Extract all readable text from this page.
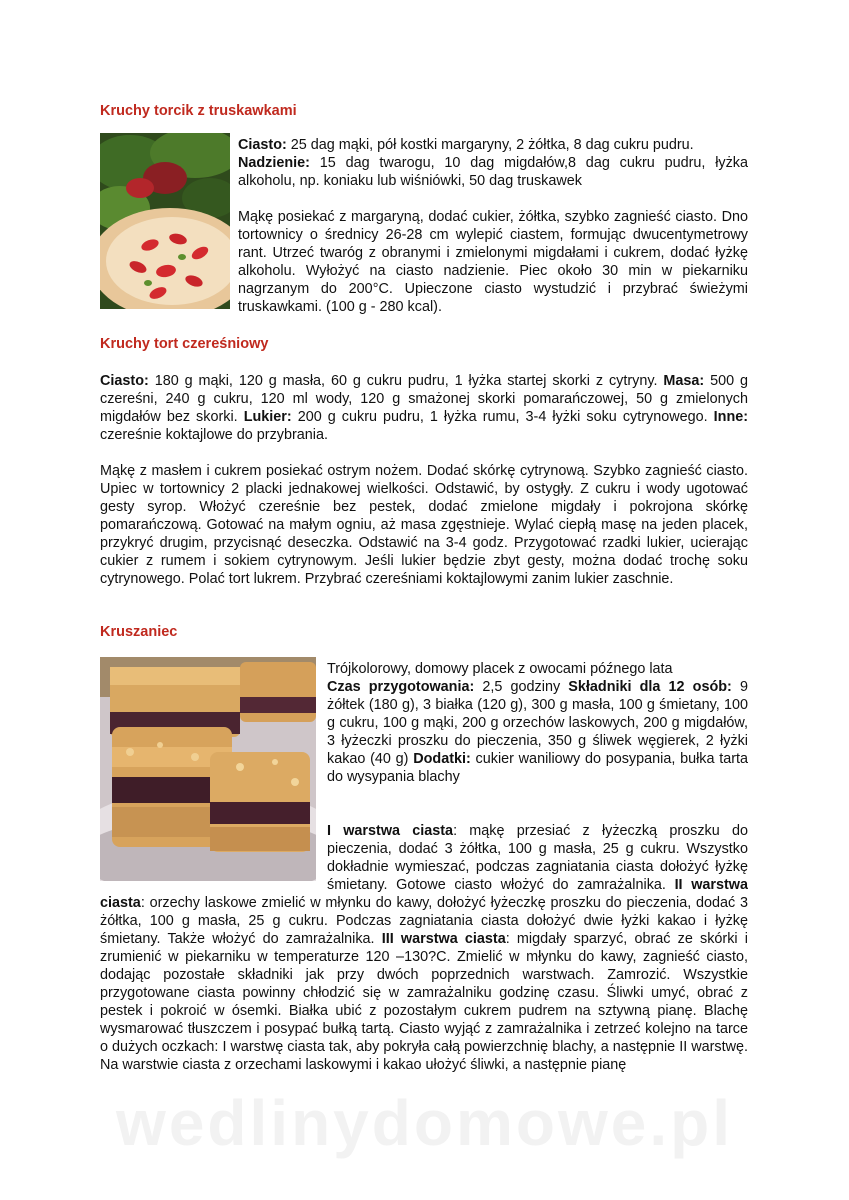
Kruchy torcik z truskawkami

Ciasto: 25 dag mąki, pół kostki margaryny, 2 żółtka, 8 dag cukru pudru.
Nadzienie: 15 dag twarogu, 10 dag migdałów,8 dag cukru pudru, łyżka alkoholu, np. koniaku lub wiśniówki, 50 dag truskawek

Mąkę posiekać z margaryną, dodać cukier, żółtka, szybko zagnieść ciasto. Dno tortownicy o średnicy 26-28 cm wylepić ciastem, formując dwucentymetrowy rant. Utrzeć twaróg z obranymi i zmielonymi migdałami i cukrem, dodać łyżkę alkoholu. Wyłożyć na ciasto nadzienie. Piec około 30 min w piekarniku nagrzanym do 200°C. Upieczone ciasto wystudzić i przybrać świeżymi truskawkami. (100 g - 280 kcal).

Kruchy tort czereśniowy

Ciasto: 180 g mąki, 120 g masła, 60 g cukru pudru, 1 łyżka startej skorki z cytryny. Masa: 500 g czereśni, 240 g cukru, 120 ml wody, 120 g smażonej skorki pomarańczowej, 50 g zmielonych migdałów bez skorki. Lukier: 200 g cukru pudru, 1 łyżka rumu, 3-4 łyżki soku cytrynowego. Inne: czereśnie koktajlowe do przybrania.

Mąkę z masłem i cukrem posiekać ostrym nożem. Dodać skórkę cytrynową. Szybko zagnieść ciasto. Upiec w tortownicy 2 placki jednakowej wielkości. Odstawić, by ostygły. Z cukru i wody ugotować gesty syrop. Włożyć czereśnie bez pestek, dodać zmielone migdały i pokrojona skórkę pomarańczową. Gotować na małym ogniu, aż masa zgęstnieje. Wylać ciepłą masę na jeden placek, przykryć drugim, przycisnąć deseczka. Odstawić na 3-4 godz. Przygotować rzadki lukier, ucierając cukier z rumem i sokiem cytrynowym. Jeśli lukier będzie zbyt gesty, można dodać trochę soku cytrynowego. Polać tort lukrem. Przybrać czereśniami koktajlowymi zanim lukier zaschnie.

Kruszaniec

Trójkolorowy, domowy placek z owocami późnego lata
Czas przygotowania: 2,5 godziny Składniki dla 12 osób: 9 żółtek (180 g), 3 białka (120 g), 300 g masła, 100 g śmietany, 100 g cukru, 100 g mąki, 200 g orzechów laskowych, 200 g migdałów, 3 łyżeczki proszku do pieczenia, 350 g śliwek węgierek, 2 łyżki kakao (40 g) Dodatki: cukier waniliowy do posypania, bułka tarta do wysypania blachy

I warstwa ciasta: mąkę przesiać z łyżeczką proszku do pieczenia, dodać 3 żółtka, 100 g masła, 25 g cukru. Wszystko dokładnie wymieszać, podczas zagniatania ciasta dołożyć łyżkę śmietany. Gotowe ciasto włożyć do zamrażalnika. II warstwa ciasta: orzechy laskowe zmielić w młynku do kawy, dołożyć łyżeczkę proszku do pieczenia, dodać 3 żółtka, 100 g masła, 25 g cukru. Podczas zagniatania ciasta dołożyć dwie łyżki kakao i łyżkę śmietany. Także włożyć do zamrażalnika. III warstwa ciasta: migdały sparzyć, obrać ze skórki i zrumienić w piekarniku w temperaturze 120 –130?C. Zmielić w młynku do kawy, zagnieść ciasto, dodając pozostałe składniki jak przy dwóch poprzednich warstwach. Zamrozić. Wszystkie przygotowane ciasta powinny chłodzić się w zamrażalniku godzinę czasu. Śliwki umyć, obrać z pestek i pokroić w ósemki. Białka ubić z pozostałym cukrem pudrem na sztywną pianę. Blachę wysmarować tłuszczem i posypać bułką tartą. Ciasto wyjąć z zamrażalnika i zetrzeć kolejno na tarce o dużych oczkach: I warstwę ciasta tak, aby pokryła całą powierzchnię blachy, a następnie II warstwę. Na warstwie ciasta z orzechami laskowymi i kakao ułożyć śliwki, a następnie pianę

wedlinydomowe.pl
